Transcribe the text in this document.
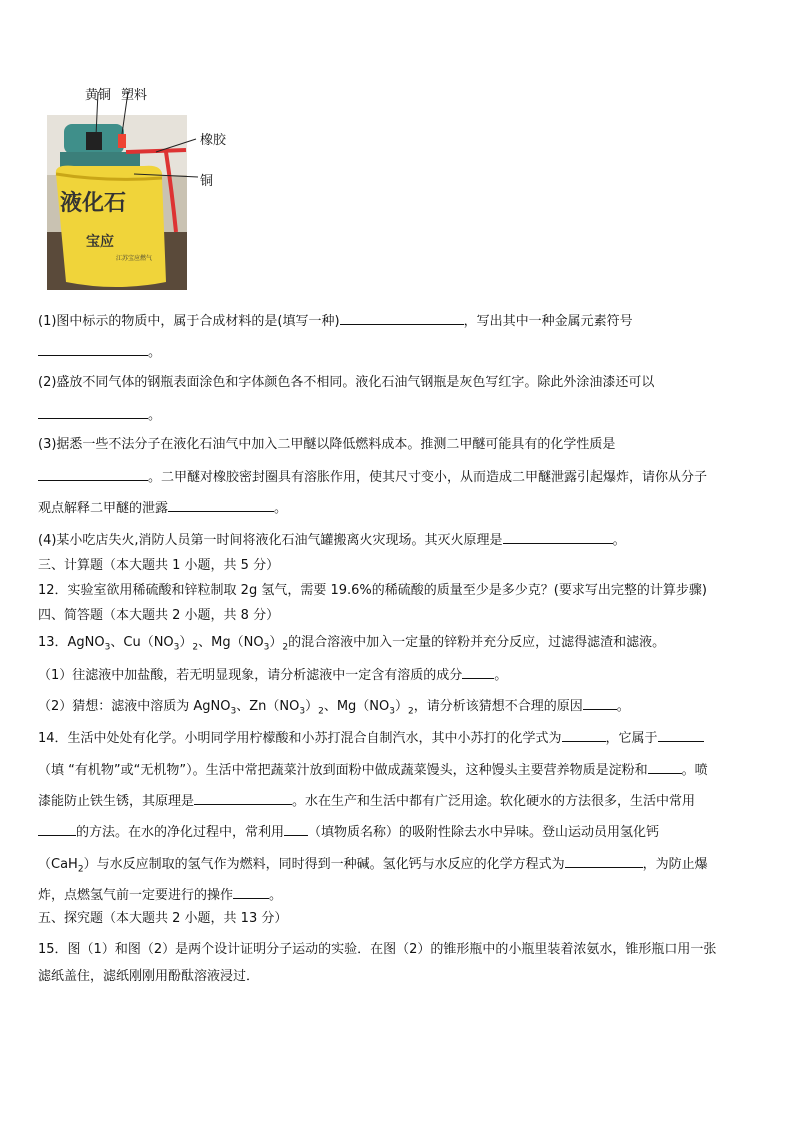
液化石
宝应
江苏宝应燃气
黄铜 塑料
橡胶
铜
(1)图中标示的物质中，属于合成材料的是(填写一种)	，写出其中一种金属元素符号
。
(2)盛放不同气体的钢瓶表面涂色和字体颜色各不相同。液化石油气钢瓶是灰色写红字。除此外涂油漆还可以
。
(3)据悉一些不法分子在液化石油气中加入二甲醚以降低燃料成本。推测二甲醚可能具有的化学性质是
。二甲醚对橡胶密封圈具有溶胀作用，使其尺寸变小，从而造成二甲醚泄露引起爆炸，请你从分子
观点解释二甲醚的泄露	。
(4)某小吃店失火,消防人员第一时间将液化石油气罐搬离火灾现场。其灭火原理是	。
三、计算题（本大题共 1 小题，共 5 分）
12．实验室欲用稀硫酸和锌粒制取 2g 氢气，需要 19.6%的稀硫酸的质量至少是多少克？(要求写出完整的计算步骤)
四、简答题（本大题共 2 小题，共 8 分）
13．AgNO$_3$、$Cu(NO_3)_2$、$Mg(NO_3)_2$的混合溶液中加入一定量的锌粉并充分反应，过滤得滤渣和滤液。
（1）往滤液中加盐酸，若无明显现象，请分析滤液中一定含有溶质的成分 。
（2）猜想：滤液中溶质为 AgNO$_3$、$Zn(NO_3)_2$、$Mg(NO_3)_2$，请分析该猜想不合理的原因	。
14．生活中处处有化学。小明同学用柠檬酸和小苏打混合自制汽水，其中小苏打的化学式为	，它属于
（填 “有机物”或“无机物”）。生活中常把蔬菜汁放到面粉中做成蔬菜馒头，这种馒头主要营养物质是淀粉和	。喷
漆能防止铁生锈，其原理是	。水在生产和生活中都有广泛用途。软化硬水的方法很多，生活中常用
的方法。在水的净化过程中，常利用 （填物质名称）的吸附性除去水中异味。登山运动员用氢化钙
（CaH$_2$）与水反应制取的氢气作为燃料，同时得到一种碱。氢化钙与水反应的化学方程式为	，为防止爆
炸，点燃氢气前一定要进行的操作	。
五、探究题（本大题共 2 小题，共 13 分）
15．图（1）和图（2）是两个设计证明分子运动的实验．在图（2）的锥形瓶中的小瓶里装着浓氨水，锥形瓶口用一张
滤纸盖住，滤纸刚刚用酚酞溶液浸过．
